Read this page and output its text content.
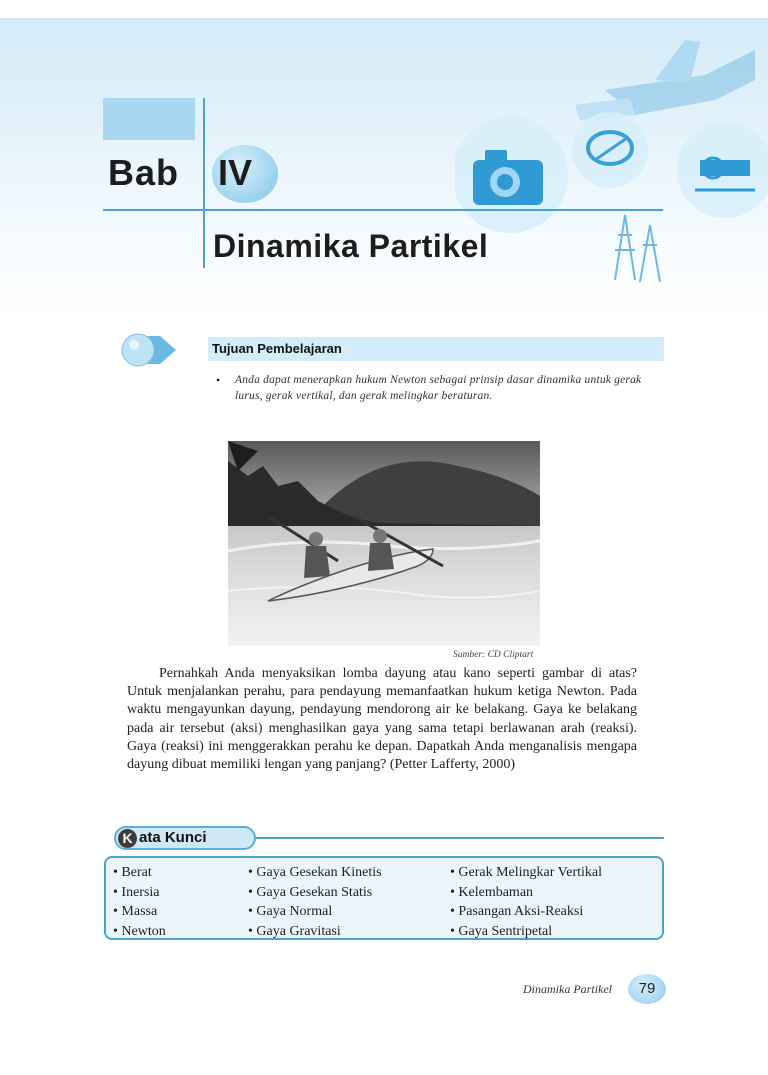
Bab IV
Dinamika Partikel
Tujuan Pembelajaran
• Anda dapat menerapkan hukum Newton sebagai prinsip dasar dinamika untuk gerak lurus, gerak vertikal, dan gerak melingkar beraturan.
Sumber: CD Cliptart
Pernahkah Anda menyaksikan lomba dayung atau kano seperti gambar di atas? Untuk menjalankan perahu, para pendayung memanfaatkan hukum ketiga Newton. Pada waktu mengayunkan dayung, pendayung mendorong air ke belakang. Gaya ke belakang pada air tersebut (aksi) menghasilkan gaya yang sama tetapi berlawanan arah (reaksi). Gaya (reaksi) ini menggerakkan perahu ke depan. Dapatkah Anda menganalisis mengapa dayung dibuat memiliki lengan yang panjang? (Petter Lafferty, 2000)
K ata Kunci
• Berat
• Inersia
• Massa
• Newton
• Gaya Gesekan Kinetis
• Gaya Gesekan Statis
• Gaya Normal
• Gaya Gravitasi
• Gerak Melingkar Vertikal
• Kelembaman
• Pasangan Aksi-Reaksi
• Gaya Sentripetal
Dinamika Partikel	79
